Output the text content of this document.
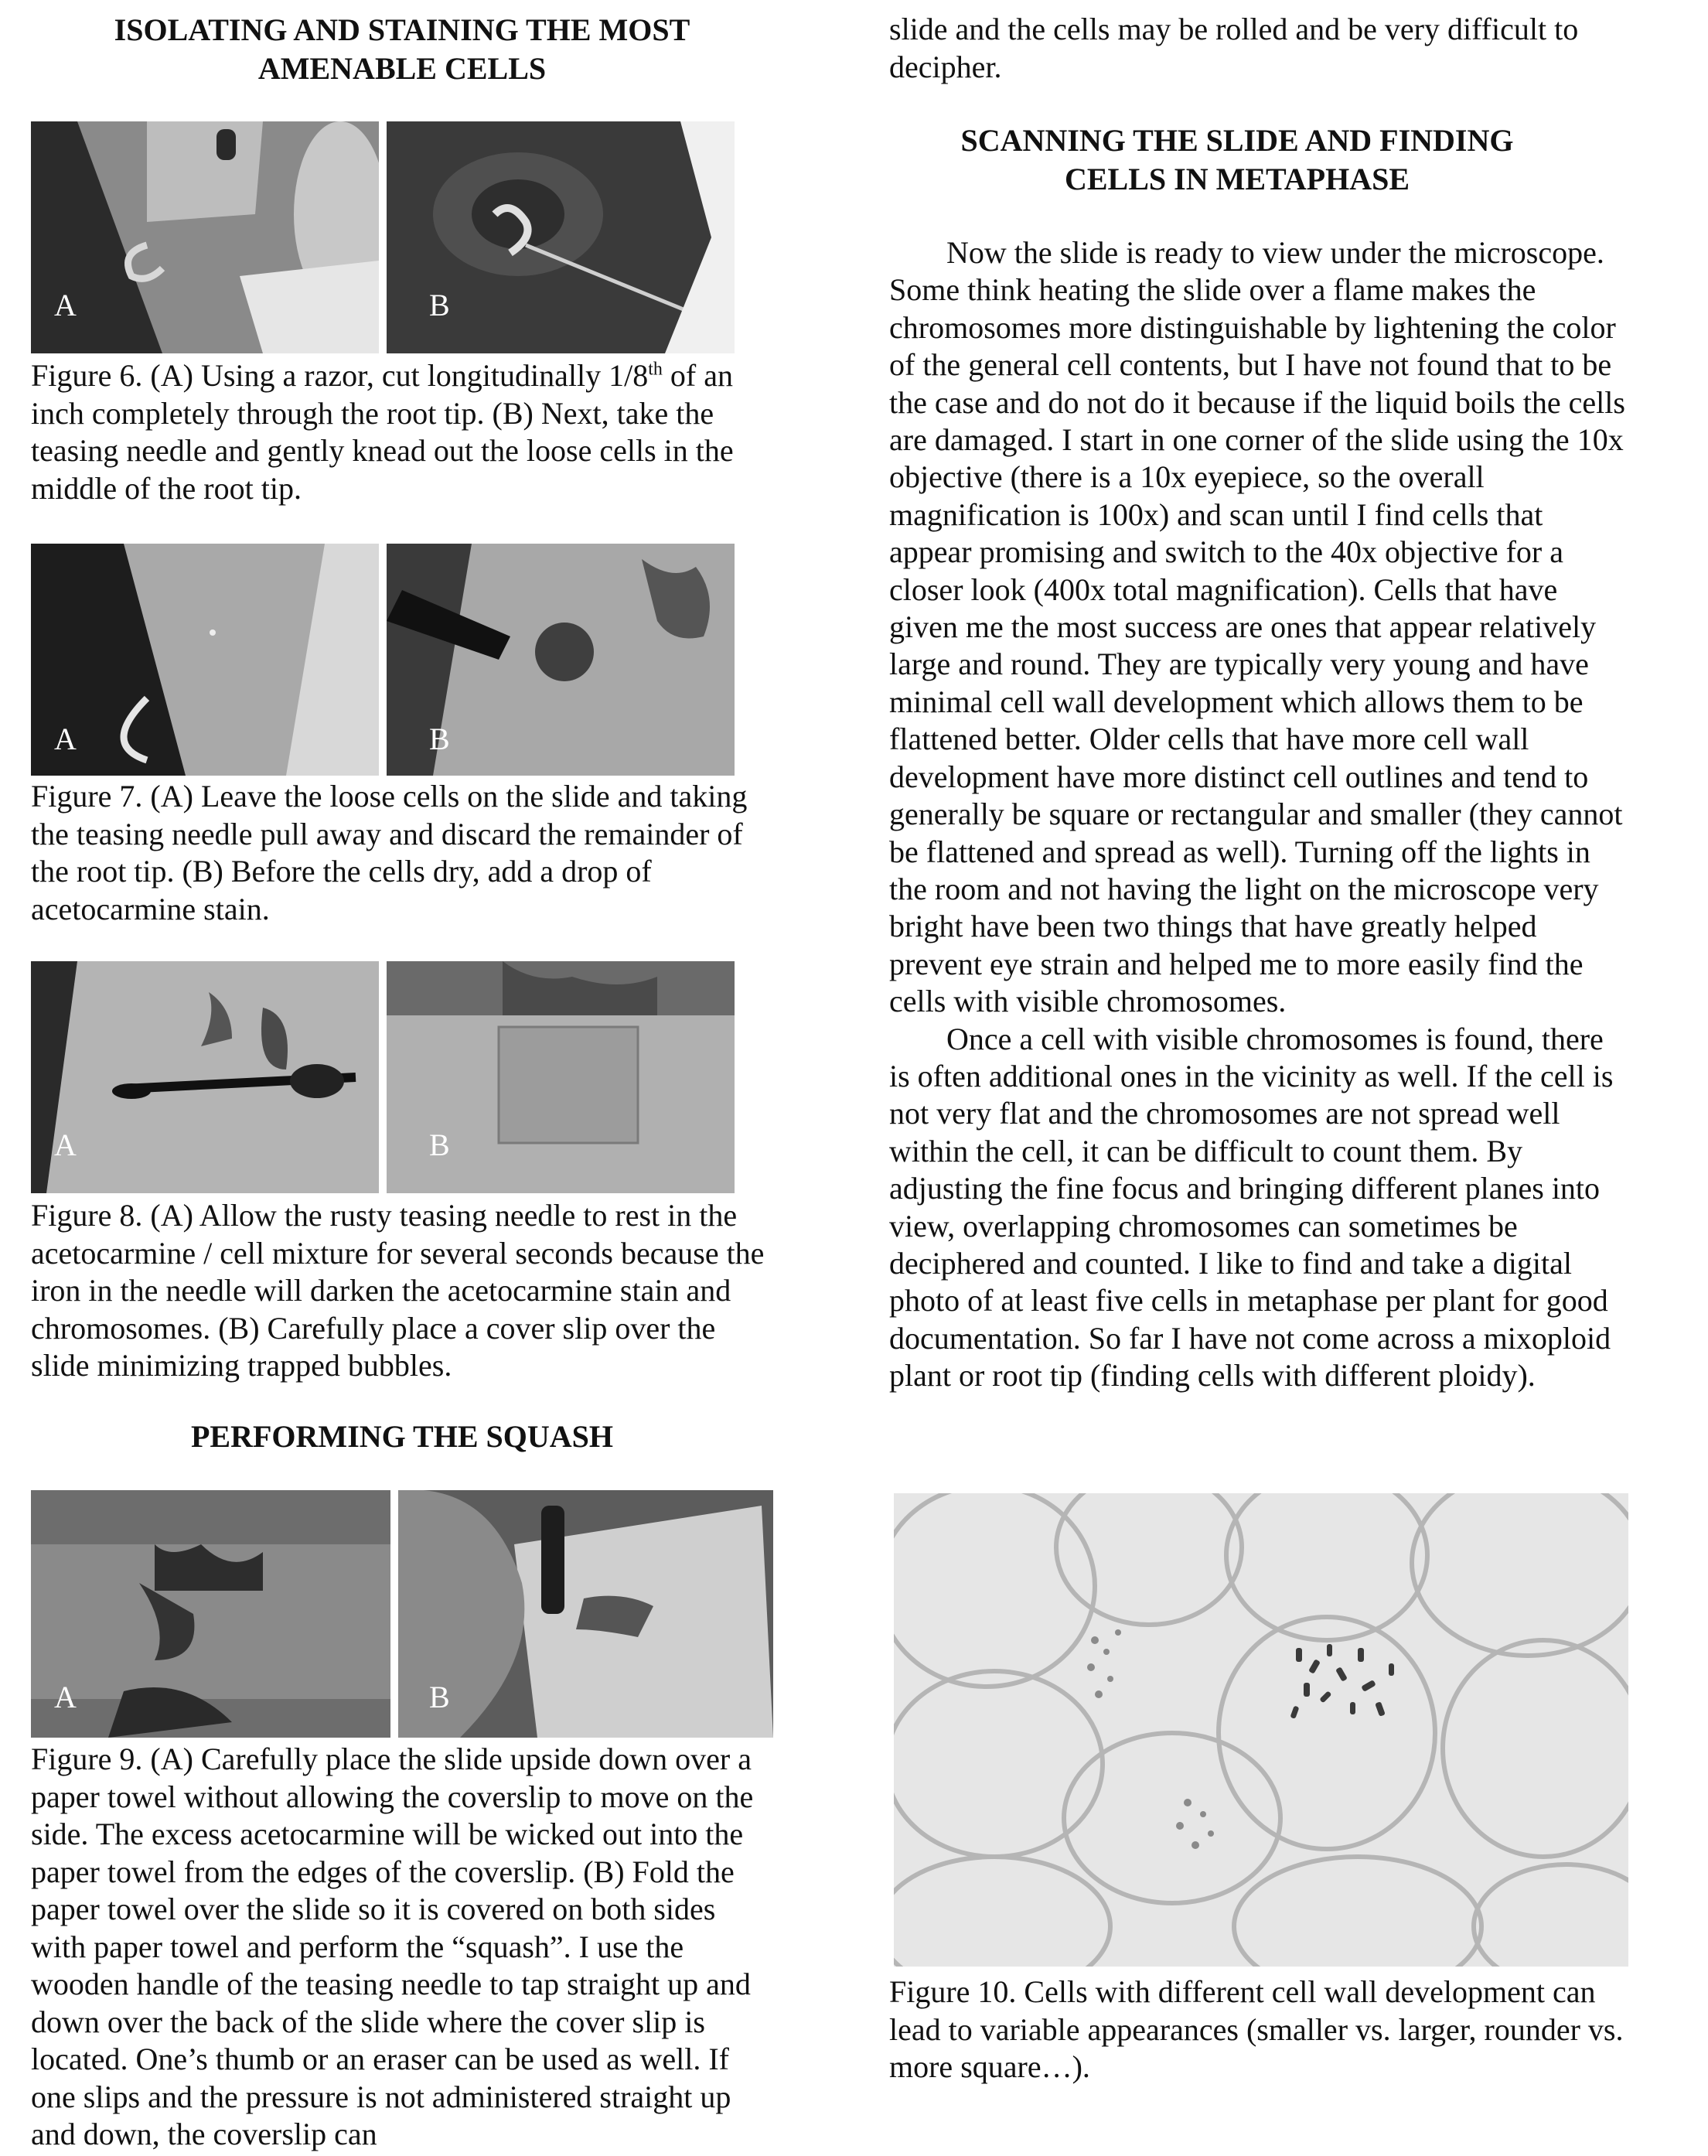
ISOLATING AND STAINING THE MOST
AMENABLE CELLS
A	B
Figure 6. (A) Using a razor, cut longitudinally 1/8th of an inch completely through the root tip. (B) Next, take the teasing needle and gently knead out the loose cells in the middle of the root tip.
A	B
Figure 7. (A) Leave the loose cells on the slide and taking the teasing needle pull away and discard the remainder of the root tip. (B) Before the cells dry, add a drop of acetocarmine stain.
A	B
Figure 8. (A) Allow the rusty teasing needle to rest in the acetocarmine / cell mixture for several seconds because the iron in the needle will darken the acetocarmine stain and chromosomes. (B) Carefully place a cover slip over the slide minimizing trapped bubbles.
PERFORMING THE SQUASH
A	B
Figure 9. (A) Carefully place the slide upside down over a paper towel without allowing the coverslip to move on the side. The excess acetocarmine will be wicked out into the paper towel from the edges of the coverslip. (B) Fold the paper towel over the slide so it is covered on both sides with paper towel and perform the “squash”. I use the wooden handle of the teasing needle to tap straight up and down over the back of the slide where the cover slip is located. One’s thumb or an eraser can be used as well. If one slips and the pressure is not administered straight up and down, the coverslip can
slide and the cells may be rolled and be very difficult to decipher.
SCANNING THE SLIDE AND FINDING
CELLS IN METAPHASE

Now the slide is ready to view under the microscope. Some think heating the slide over a flame makes the chromosomes more distinguishable by lightening the color of the general cell contents, but I have not found that to be the case and do not do it because if the liquid boils the cells are damaged. I start in one corner of the slide using the 10x objective (there is a 10x eyepiece, so the overall magnification is 100x) and scan until I find cells that appear promising and switch to the 40x objective for a closer look (400x total magnification). Cells that have given me the most success are ones that appear relatively large and round. They are typically very young and have minimal cell wall development which allows them to be flattened better. Older cells that have more cell wall development have more distinct cell outlines and tend to generally be square or rectangular and smaller (they cannot be flattened and spread as well). Turning off the lights in the room and not having the light on the microscope very bright have been two things that have greatly helped prevent eye strain and helped me to more easily find the cells with visible chromosomes.

Once a cell with visible chromosomes is found, there is often additional ones in the vicinity as well. If the cell is not very flat and the chromosomes are not spread well within the cell, it can be difficult to count them. By adjusting the fine focus and bringing different planes into view, overlapping chromosomes can sometimes be deciphered and counted. I like to find and take a digital photo of at least five cells in metaphase per plant for good documentation. So far I have not come across a mixoploid plant or root tip (finding cells with different ploidy).

Figure 10. Cells with different cell wall development can lead to variable appearances (smaller vs. larger, rounder vs. more square…).
